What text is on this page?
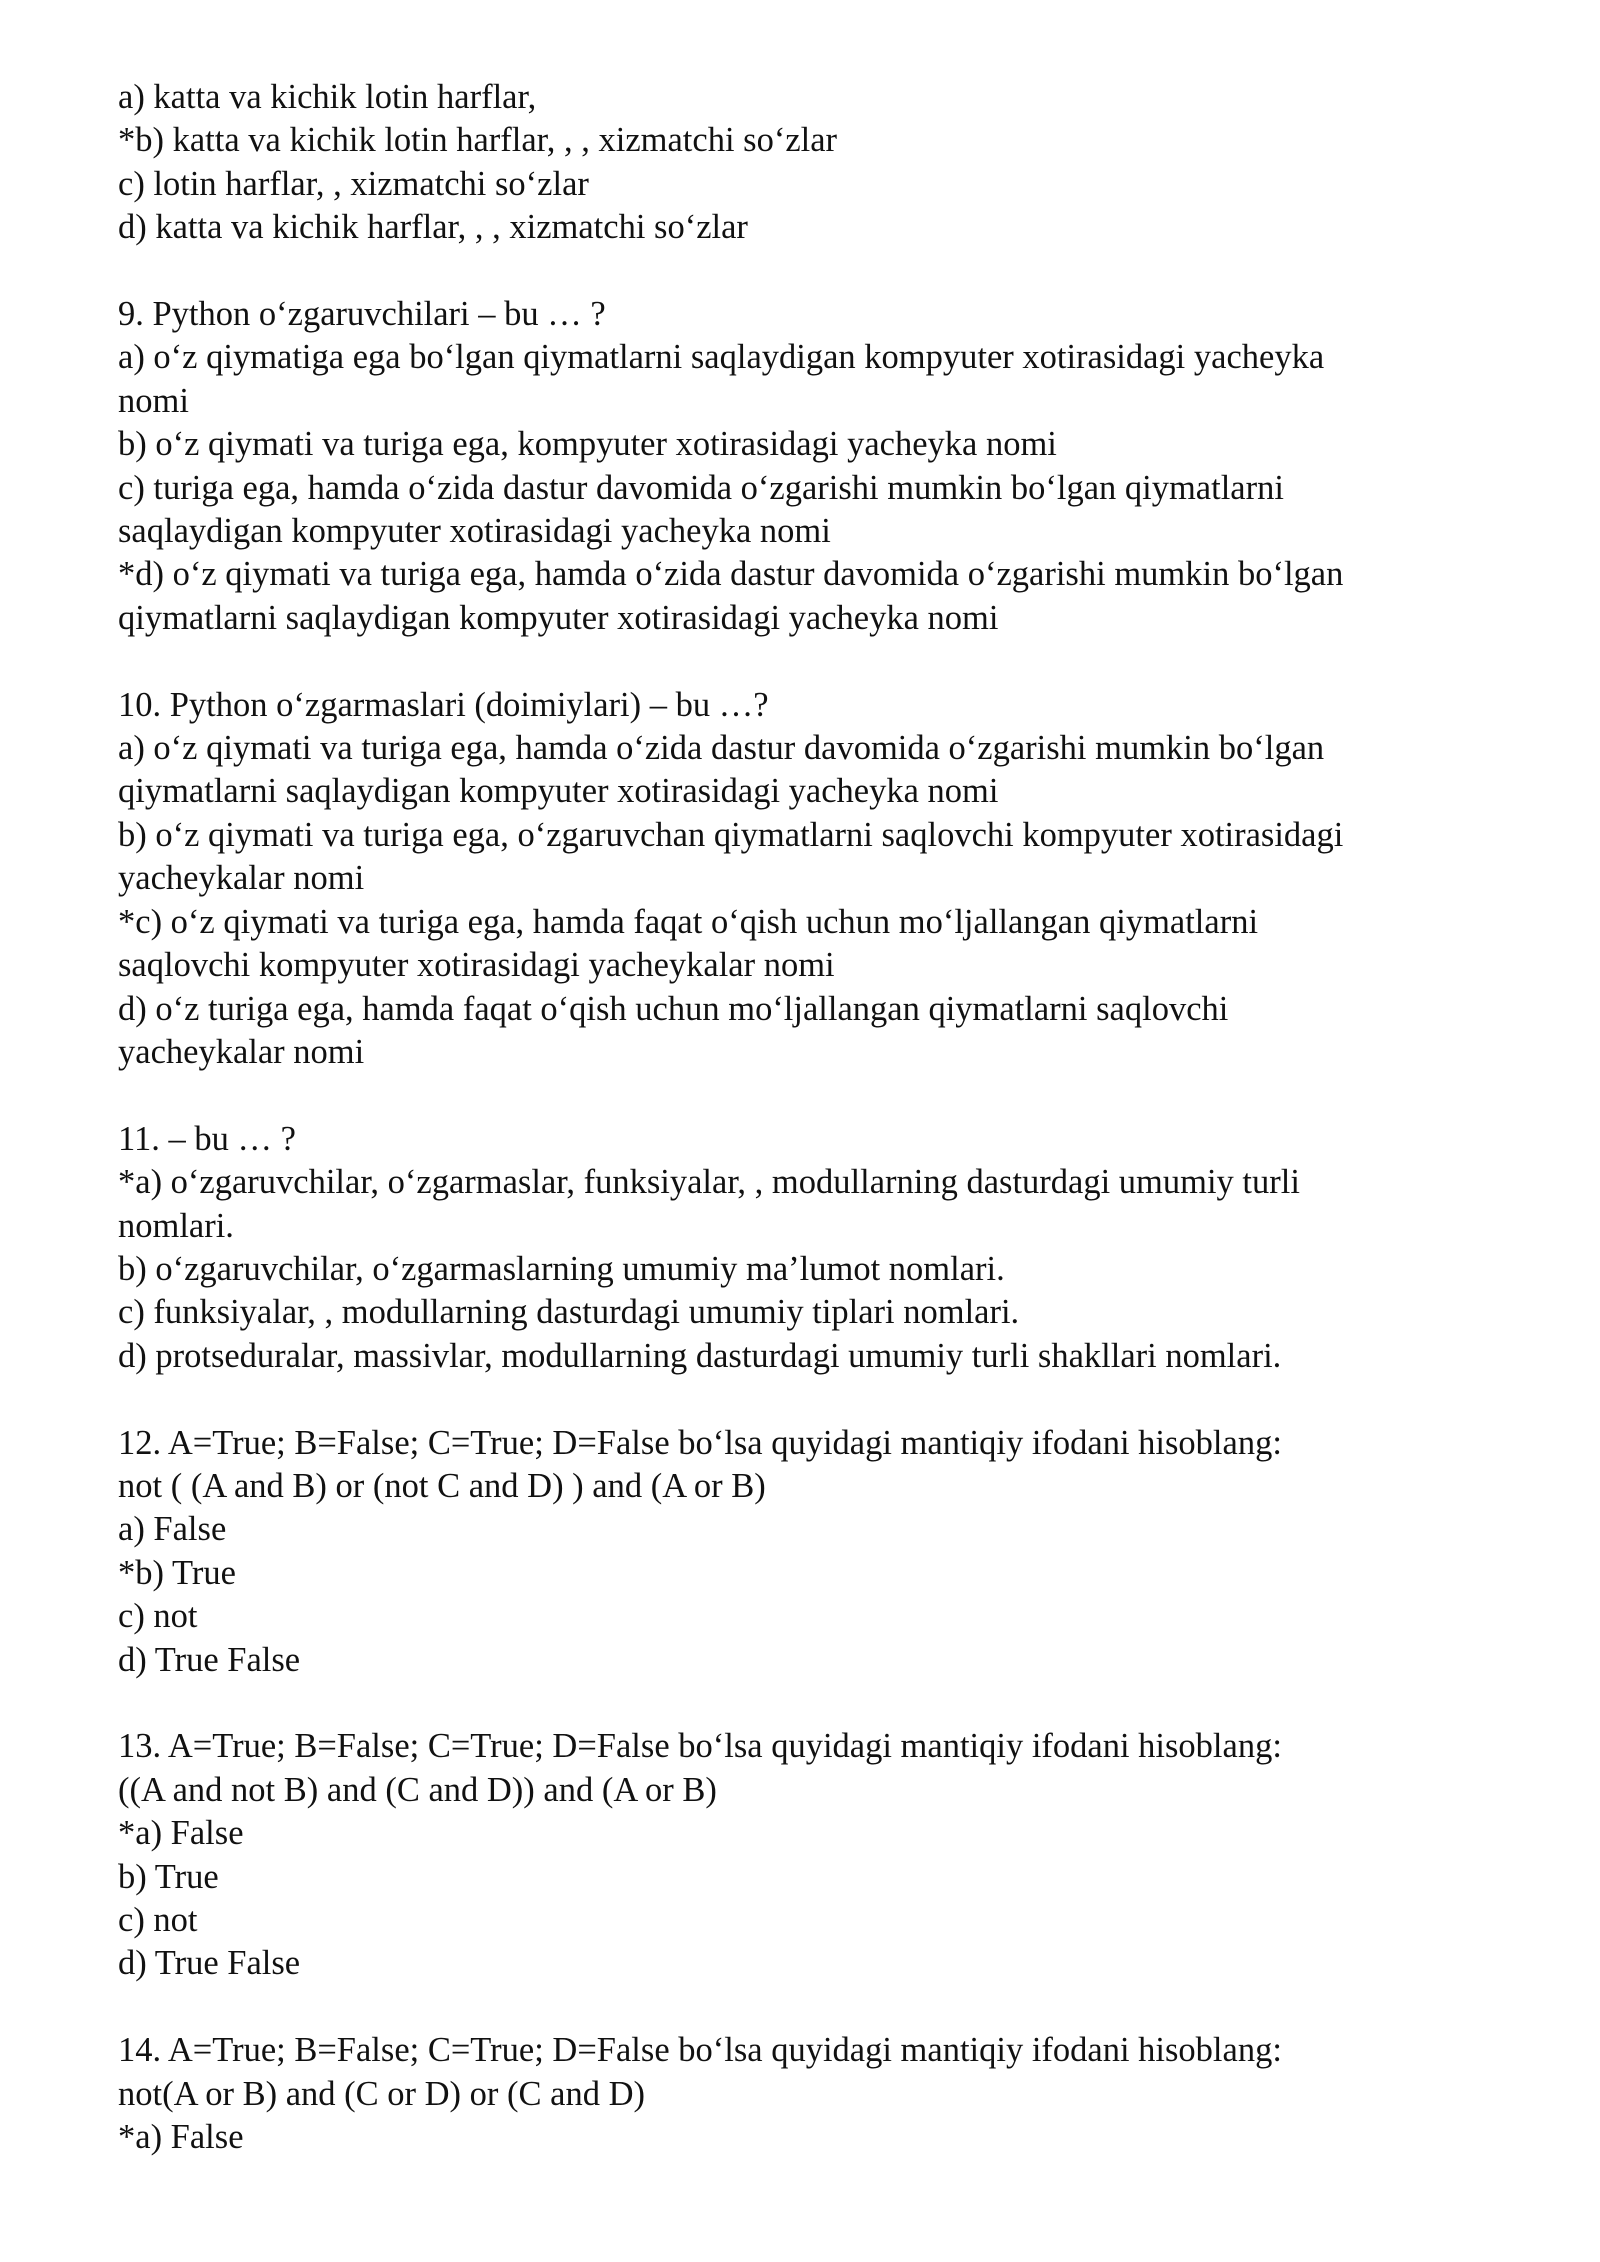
a) katta va kichik lotin harflar,

*b) katta va kichik lotin harflar, , , xizmatchi so‘zlar

c) lotin harflar, , xizmatchi so‘zlar

d) katta va kichik harflar, , , xizmatchi so‘zlar

9. Python o‘zgaruvchilari – bu … ?

a) o‘z qiymatiga ega bo‘lgan qiymatlarni saqlaydigan kompyuter xotirasidagi yacheyka

nomi

b) o‘z qiymati va turiga ega, kompyuter xotirasidagi yacheyka nomi

c) turiga ega, hamda o‘zida dastur davomida o‘zgarishi mumkin bo‘lgan qiymatlarni

saqlaydigan kompyuter xotirasidagi yacheyka nomi

*d) o‘z qiymati va turiga ega, hamda o‘zida dastur davomida o‘zgarishi mumkin bo‘lgan

qiymatlarni saqlaydigan kompyuter xotirasidagi yacheyka nomi

10. Python o‘zgarmaslari (doimiylari) – bu …?

a) o‘z qiymati va turiga ega, hamda o‘zida dastur davomida o‘zgarishi mumkin bo‘lgan

qiymatlarni saqlaydigan kompyuter xotirasidagi yacheyka nomi

b) o‘z qiymati va turiga ega, o‘zgaruvchan qiymatlarni saqlovchi kompyuter xotirasidagi

yacheykalar nomi

*c) o‘z qiymati va turiga ega, hamda faqat o‘qish uchun mo‘ljallangan qiymatlarni

saqlovchi kompyuter xotirasidagi yacheykalar nomi

d) o‘z turiga ega, hamda faqat o‘qish uchun mo‘ljallangan qiymatlarni saqlovchi

yacheykalar nomi

11. – bu … ?

*a) o‘zgaruvchilar, o‘zgarmaslar, funksiyalar, , modullarning dasturdagi umumiy turli

nomlari.

b) o‘zgaruvchilar, o‘zgarmaslarning umumiy ma’lumot nomlari.

c) funksiyalar, , modullarning dasturdagi umumiy tiplari nomlari.

d) protseduralar, massivlar, modullarning dasturdagi umumiy turli shakllari nomlari.

12. A=True; B=False; C=True; D=False bo‘lsa quyidagi mantiqiy ifodani hisoblang:

not ( (A and B) or (not C and D) ) and (A or B)

a) False

*b) True

c) not

d) True False

13. A=True; B=False; C=True; D=False bo‘lsa quyidagi mantiqiy ifodani hisoblang:

((A and not B) and (C and D)) and (A or B)

*a) False

b) True

c) not

d) True False

14. A=True; B=False; C=True; D=False bo‘lsa quyidagi mantiqiy ifodani hisoblang:

not(A or B) and (C or D) or (C and D)

*a) False
